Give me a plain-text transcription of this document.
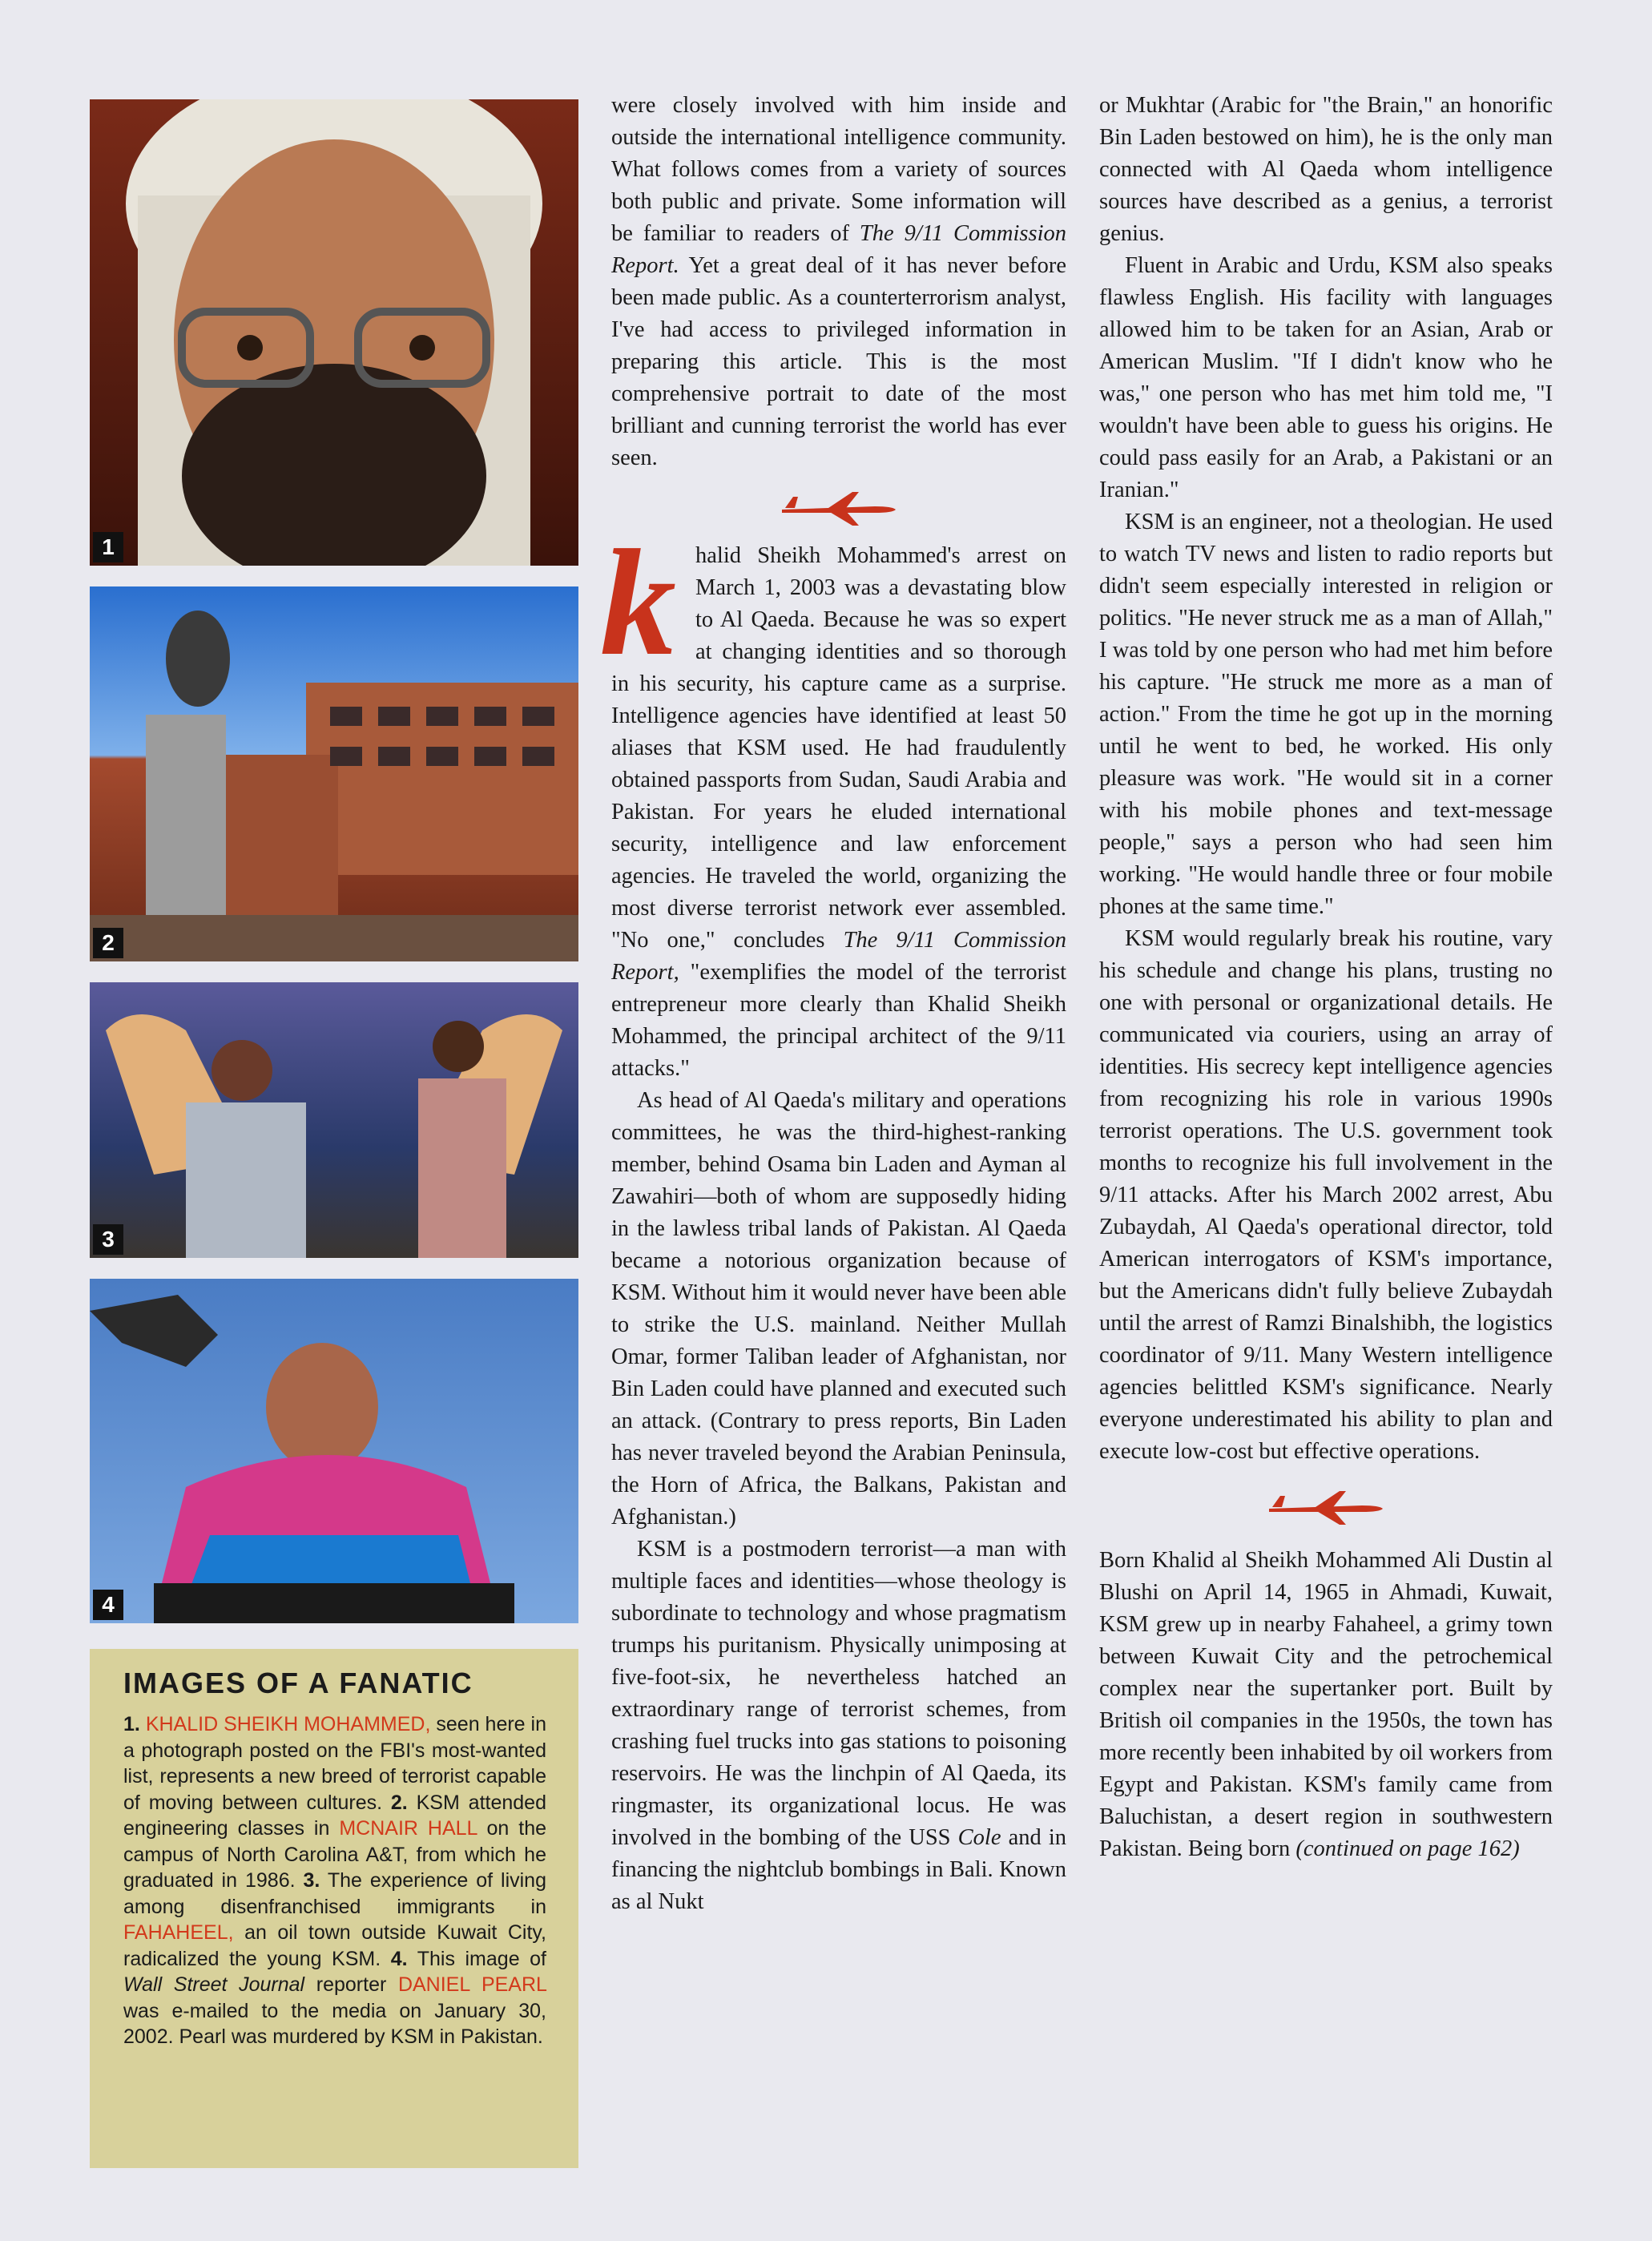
1
2
3
4
IMAGES OF A FANATIC
1. KHALID SHEIKH MOHAMMED, seen here in a photograph posted on the FBI's most-wanted list, represents a new breed of terrorist capable of moving between cultures. 2. KSM attended engineering classes in MCNAIR HALL on the campus of North Carolina A&T, from which he graduated in 1986. 3. The experience of living among disenfranchised immigrants in FAHAHEEL, an oil town outside Kuwait City, radicalized the young KSM. 4. This image of Wall Street Journal reporter DANIEL PEARL was e-mailed to the media on January 30, 2002. Pearl was murdered by KSM in Pakistan.

were closely involved with him inside and outside the international intelligence community. What follows comes from a variety of sources both public and private. Some information will be familiar to readers of The 9/11 Commission Report. Yet a great deal of it has never before been made public. As a counterterrorism analyst, I've had access to privileged information in preparing this article. This is the most comprehensive portrait to date of the most brilliant and cunning terrorist the world has ever seen.

khalid Sheikh Mohammed's arrest on March 1, 2003 was a devastating blow to Al Qaeda. Because he was so expert at changing identities and so thorough in his security, his capture came as a surprise. Intelligence agencies have identified at least 50 aliases that KSM used. He had fraudulently obtained passports from Sudan, Saudi Arabia and Pakistan. For years he eluded international security, intelligence and law enforcement agencies. He traveled the world, organizing the most diverse terrorist network ever assembled. "No one," concludes The 9/11 Commission Report, "exemplifies the model of the terrorist entrepreneur more clearly than Khalid Sheikh Mohammed, the principal architect of the 9/11 attacks."

As head of Al Qaeda's military and operations committees, he was the third-highest-ranking member, behind Osama bin Laden and Ayman al Zawahiri—both of whom are supposedly hiding in the lawless tribal lands of Pakistan. Al Qaeda became a notorious organization because of KSM. Without him it would never have been able to strike the U.S. mainland. Neither Mullah Omar, former Taliban leader of Afghanistan, nor Bin Laden could have planned and executed such an attack. (Contrary to press reports, Bin Laden has never traveled beyond the Arabian Peninsula, the Horn of Africa, the Balkans, Pakistan and Afghanistan.)

KSM is a postmodern terrorist—a man with multiple faces and identities—whose theology is subordinate to technology and whose pragmatism trumps his puritanism. Physically unimposing at five-foot-six, he nevertheless hatched an extraordinary range of terrorist schemes, from crashing fuel trucks into gas stations to poisoning reservoirs. He was the linchpin of Al Qaeda, its ringmaster, its organizational locus. He was involved in the bombing of the USS Cole and in financing the nightclub bombings in Bali. Known as al Nukt

or Mukhtar (Arabic for "the Brain," an honorific Bin Laden bestowed on him), he is the only man connected with Al Qaeda whom intelligence sources have described as a genius, a terrorist genius.

Fluent in Arabic and Urdu, KSM also speaks flawless English. His facility with languages allowed him to be taken for an Asian, Arab or American Muslim. "If I didn't know who he was," one person who has met him told me, "I wouldn't have been able to guess his origins. He could pass easily for an Arab, a Pakistani or an Iranian."

KSM is an engineer, not a theologian. He used to watch TV news and listen to radio reports but didn't seem especially interested in religion or politics. "He never struck me as a man of Allah," I was told by one person who had met him before his capture. "He struck me more as a man of action." From the time he got up in the morning until he went to bed, he worked. His only pleasure was work. "He would sit in a corner with his mobile phones and text-message people," says a person who had seen him working. "He would handle three or four mobile phones at the same time."

KSM would regularly break his routine, vary his schedule and change his plans, trusting no one with personal or organizational details. He communicated via couriers, using an array of identities. His secrecy kept intelligence agencies from recognizing his role in various 1990s terrorist operations. The U.S. government took months to recognize his full involvement in the 9/11 attacks. After his March 2002 arrest, Abu Zubaydah, Al Qaeda's operational director, told American interrogators of KSM's importance, but the Americans didn't fully believe Zubaydah until the arrest of Ramzi Binalshibh, the logistics coordinator of 9/11. Many Western intelligence agencies belittled KSM's significance. Nearly everyone underestimated his ability to plan and execute low-cost but effective operations.

Born Khalid al Sheikh Mohammed Ali Dustin al Blushi on April 14, 1965 in Ahmadi, Kuwait, KSM grew up in nearby Fahaheel, a grimy town between Kuwait City and the petrochemical complex near the supertanker port. Built by British oil companies in the 1950s, the town has more recently been inhabited by oil workers from Egypt and Pakistan. KSM's family came from Baluchistan, a desert region in southwestern Pakistan. Being born (continued on page 162)
